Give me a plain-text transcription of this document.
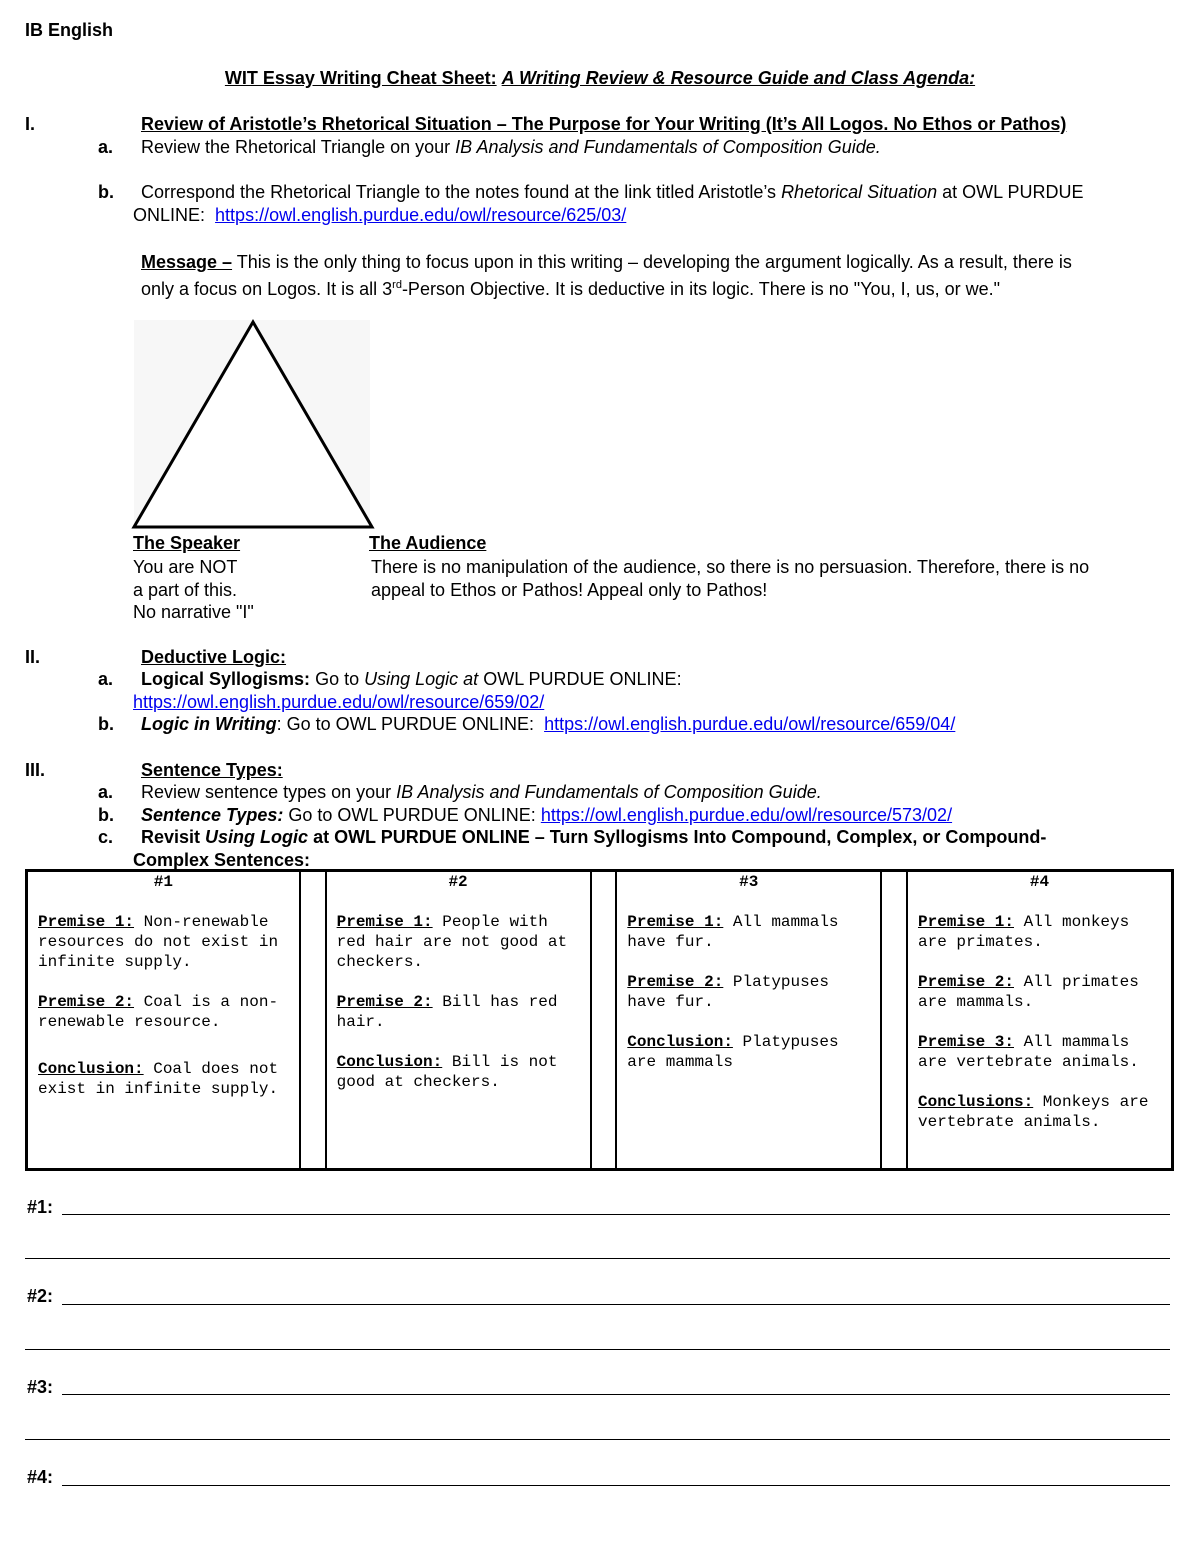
IB English
WIT Essay Writing Cheat Sheet: A Writing Review & Resource Guide and Class Agenda:
I.	Review of Aristotle’s Rhetorical Situation – The Purpose for Your Writing (It’s All Logos. No Ethos or Pathos)
a. Review the Rhetorical Triangle on your IB Analysis and Fundamentals of Composition Guide.
b. Correspond the Rhetorical Triangle to the notes found at the link titled Aristotle’s Rhetorical Situation at OWL PURDUE
ONLINE: https://owl.english.purdue.edu/owl/resource/625/03/
Message – This is the only thing to focus upon in this writing – developing the argument logically. As a result, there is
only a focus on Logos. It is all 3rd-Person Objective. It is deductive in its logic. There is no "You, I, us, or we."
The Speaker
You are NOT
a part of this.
No narrative "I"
The Audience
There is no manipulation of the audience, so there is no persuasion. Therefore, there is no
appeal to Ethos or Pathos! Appeal only to Pathos!
II.	Deductive Logic:
a. Logical Syllogisms: Go to Using Logic at OWL PURDUE ONLINE:
https://owl.english.purdue.edu/owl/resource/659/02/
b. Logic in Writing: Go to OWL PURDUE ONLINE: https://owl.english.purdue.edu/owl/resource/659/04/
III.	Sentence Types:
a. Review sentence types on your IB Analysis and Fundamentals of Composition Guide.
b. Sentence Types: Go to OWL PURDUE ONLINE: https://owl.english.purdue.edu/owl/resource/573/02/
c. Revisit Using Logic at OWL PURDUE ONLINE – Turn Syllogisms Into Compound, Complex, or Compound-
Complex Sentences:
#1

Premise 1: Non-renewable resources do not exist in infinite supply.

Premise 2: Coal is a non-renewable resource.

Conclusion: Coal does not exist in infinite supply.

#2

Premise 1: People with red hair are not good at checkers.

Premise 2: Bill has red hair.

Conclusion: Bill is not good at checkers.

#3

Premise 1: All mammals have fur.

Premise 2: Platypuses have fur.

Conclusion: Platypuses are mammals

#4

Premise 1: All monkeys are primates.

Premise 2: All primates are mammals.

Premise 3: All mammals are vertebrate animals.

Conclusions: Monkeys are vertebrate animals.

#1:
#2:
#3:
#4:
